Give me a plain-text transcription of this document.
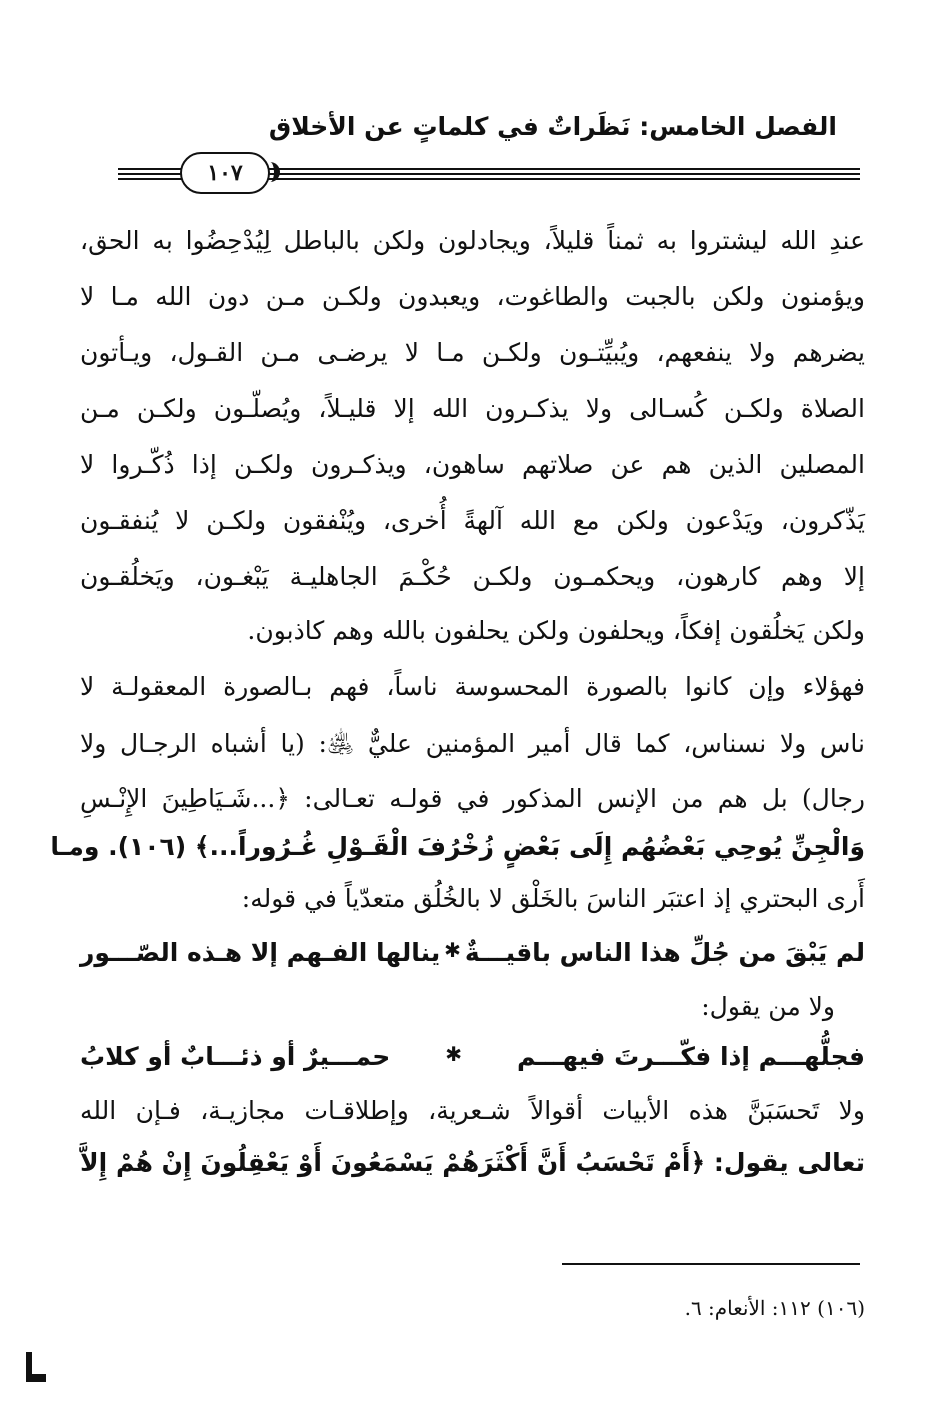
الفصل الخامس: نَظَراتٌ في كلماتٍ عن الأخلاق
١٠٧
عندِ الله ليشتروا به ثمناً قليلاً، ويجادلون ولكن بالباطل لِيُدْحِضُوا به الحق،
ويؤمنون ولكن بالجبت والطاغوت، ويعبدون ولكـن مـن دون الله مـا لا
يضرهم ولا ينفعهم، ويُبيِّتـون ولكـن مـا لا يرضـى مـن القـول، ويـأتون
الصلاة ولكـن كُسـالى ولا يذكـرون الله إلا قليـلاً، ويُصلّـون ولكـن مـن
المصلين الذين هم عن صلاتهم ساهون، ويذكـرون ولكـن إذا ذُكّـروا لا
يَذّكرون، ويَدْعون ولكن مع الله آلهةً أُخرى، ويُنْفقون ولكـن لا يُنفقـون
إلا وهم كارهون، ويحكمـون ولكـن حُكْـمَ الجاهليـة يَبْغـون، ويَخلُقـون
ولكن يَخلُقون إفكاً، ويحلفون ولكن يحلفون بالله وهم كاذبون.
فهؤلاء وإن كانوا بالصورة المحسوسة ناساً، فهم بـالصورة المعقولـة لا
ناس ولا نسناس، كما قال أمير المؤمنين عليٌّ ﵁: (يا أشباه الرجـال ولا
رجال) بل هم من الإنس المذكور في قولـه تعـالى: ﴿...شَـيَاطِينَ الإِنْـسِ
وَالْجِنِّ يُوحِي بَعْضُهُم إِلَى بَعْضٍ زُخْرُفَ الْقَـوْلِ غُـرُوراً...﴾ (١٠٦). ومـا
أَرى البحتري إذ اعتبَر الناسَ بالخَلْق لا بالخُلُق متعدّياً في قوله:
لم يَبْقَ من جُلِّ هذا الناس باقيـــةٌ
✱
ينالها الفـهم إلا هـذه الصّـــور
ولا من يقول:
فجلُّهـــم إذا فكّـــرتَ فيهـــم
✱
حمـــيرٌ أو ذئـــابٌ أو كلابُ
ولا تَحسَبَنَّ هذه الأبيات أقوالاً شـعرية، وإطلاقـات مجازيـة، فـإن الله
تعالى يقول: ﴿أَمْ تَحْسَبُ أَنَّ أَكْثَرَهُمْ يَسْمَعُونَ أَوْ يَعْقِلُونَ إِنْ هُمْ إِلاَّ
(١٠٦) ١١٢: الأنعام: ٦.
